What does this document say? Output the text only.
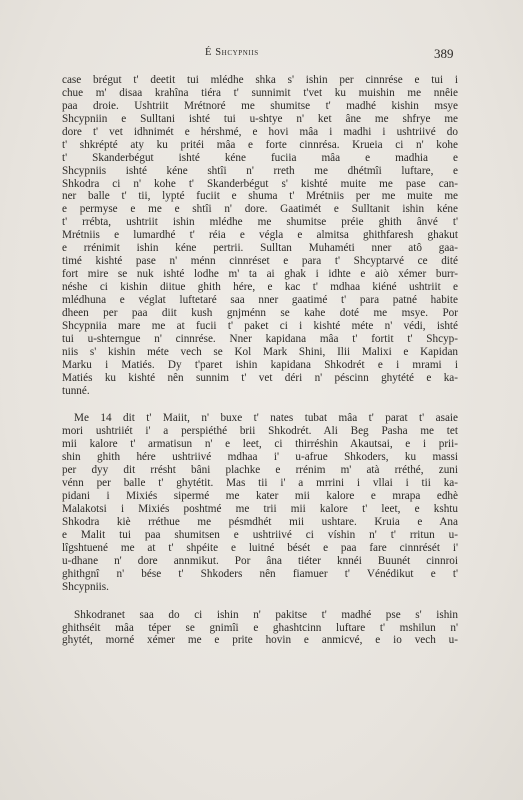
É Shcypniis	389
case brégut t' deetit tui mlédhe shka s' ishin per cinnrése e tui i
chue m' disaa krahîna tiéra t' sunnimit t'vet ku muishin me nnêie
paa droie. Ushtriit Mrétnoré me shumitse t' madhé kishin msye
Shcypniin e Sulltani ishté tui u-shtye n' ket âne me shfrye me
dore t' vet idhnimét e hérshmé, e hovi mâa i madhi i ushtriivé do
t' shkrépté aty ku pritéi mâa e forte cinnrésa. Krueia ci n' kohe
t' Skanderbégut ishté kéne fuciia mâa e madhia e
Shcypniis ishté kéne shtîi n' rreth me dhétmîi luftare, e
Shkodra ci n' kohe t' Skanderbégut s' kishté muite me pase can-
ner balle t' tii, lypté fuciit e shuma t' Mrétniis per me muite me
e permyse e me e shtîi n' dore. Gaatimét e Sulltanit ishin kéne
t' rrébta, ushtriit ishin mlédhe me shumitse préie ghith ânvé t'
Mrétniis e lumardhé t' réia e végla e almitsa ghithfaresh ghakut
e rrénimit ishin kéne pertrii. Sulltan Muhaméti nner atô gaa-
timé kishté pase n' ménn cinnréset e para t' Shcyptarvé ce dité
fort mire se nuk ishté lodhe m' ta ai ghak i idhte e aiò xémer burr-
néshe ci kishin diitue ghith hére, e kac t' mdhaa kiéné ushtriit e
mlédhuna e véglat luftetaré saa nner gaatimé t' para patné habite
dheen per paa diit kush gnjménn se kahe doté me msye. Por
Shcypniia mare me at fucii t' paket ci i kishté méte n' védi, ishté
tui u-shterngue n' cinnrése. Nner kapidana mâa t' fortit t' Shcyp-
niis s' kishin méte vech se Kol Mark Shini, Ilii Malixi e Kapidan
Marku i Matiés. Dy t'paret ishin kapidana Shkodrét e i mrami i
Matiés ku kishté nên sunnim t' vet déri n' péscinn ghytété e ka-
tunné.
Me 14 dit t' Maiit, n' buxe t' nates tubat mâa t' parat t' asaie
mori ushtriiét i' a perspiéthé brii Shkodrét. Ali Beg Pasha me tet
mii kalore t' armatisun n' e leet, ci thirréshin Akautsai, e i prii-
shin ghith hére ushtriivé mdhaa i' u-afrue Shkoders, ku massi
per dyy dit rrésht bâni plachke e rrénim m' atà rréthé, zuni
vénn per balle t' ghytétit. Mas tii i' a mrrini i vllai i tii ka-
pidani i Mixiés sipermé me kater mii kalore e mrapa edhè
Malakotsi i Mixiés poshtmé me trii mii kalore t' leet, e kshtu
Shkodra kiè rréthue me pésmdhét mii ushtare. Kruia e Ana
e Malit tui paa shumitsen e ushtriivé ci víshin n' t' rritun u-
lîgshtuené me at t' shpéite e luitné bését e paa fare cinnrését i'
u-dhane n' dore annmikut. Por âna tiéter knnéi Buunét cinnroi
ghithgnî n' bése t' Shkoders nên fiamuer t' Vénédikut e t'
Shcypniis.
Shkodranet saa do ci ishin n' pakitse t' madhé pse s' ishin
ghithséit mâa téper se gnimîi e ghashtcinn luftare t' mshilun n'
ghytét, morné xémer me e prite hovin e anmicvé, e io vech u-
